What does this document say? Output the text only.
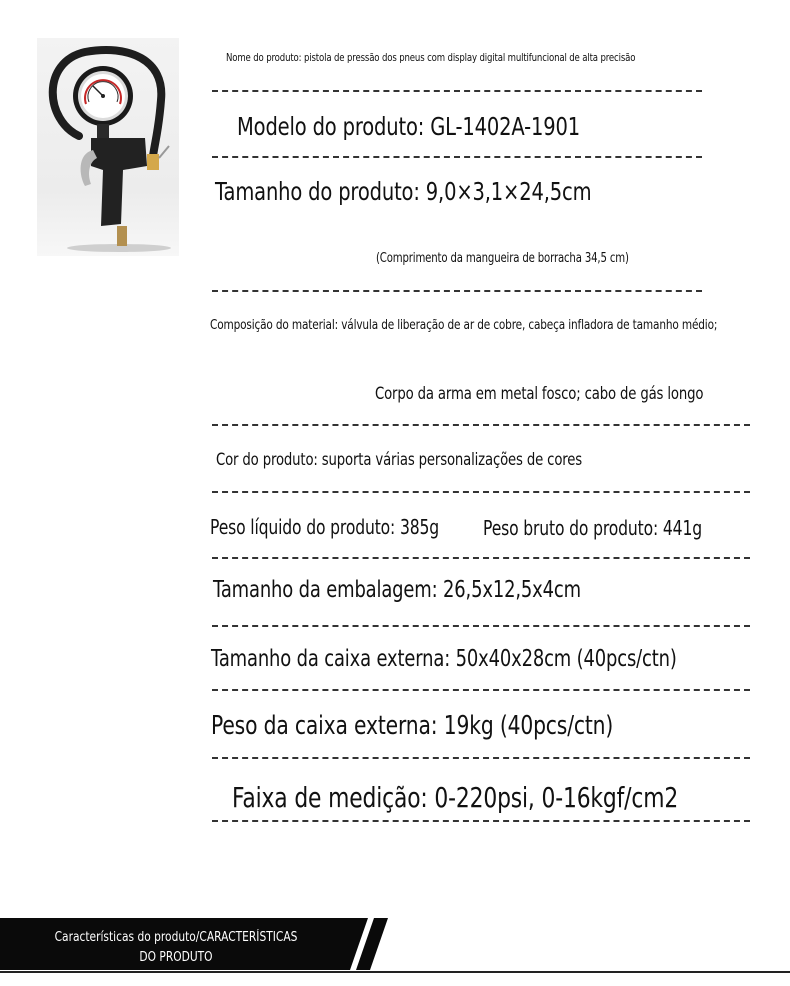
Nome do produto: pistola de pressão dos pneus com display digital multifuncional de alta precisão
Modelo do produto: GL-1402A-1901
Tamanho do produto: 9,0×3,1×24,5cm
(Comprimento da mangueira de borracha 34,5 cm)
Composição do material: válvula de liberação de ar de cobre, cabeça infladora de tamanho médio;
Corpo da arma em metal fosco; cabo de gás longo
Cor do produto: suporta várias personalizações de cores
Peso líquido do produto: 385g Peso bruto do produto: 441g
Tamanho da embalagem: 26,5x12,5x4cm
Tamanho da caixa externa: 50x40x28cm (40pcs/ctn)
Peso da caixa externa: 19kg (40pcs/ctn)
Faixa de medição: 0-220psi, 0-16kgf/cm2
Características do produto/CARACTERÍSTICAS DO PRODUTO
